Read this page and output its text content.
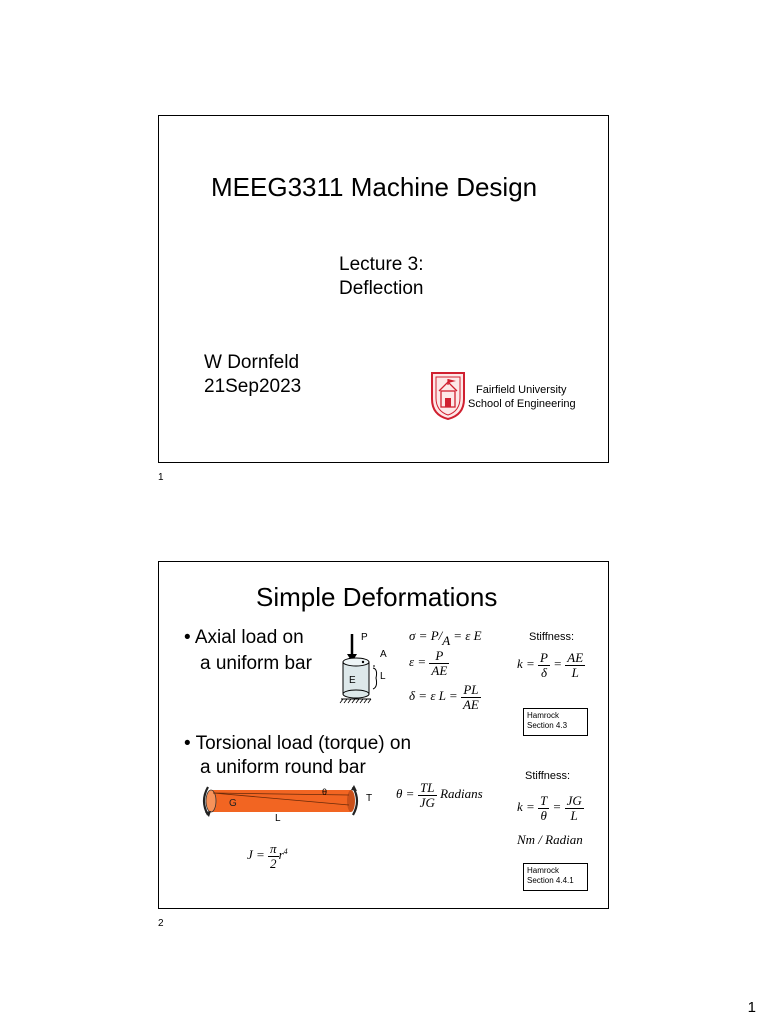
MEEG3311 Machine Design
Lecture 3:
Deflection
W Dornfeld
21Sep2023	Fairfield University
School of Engineering
1
Simple Deformations
• Axial load on
a uniform bar
P
A
L
E
σ = P/A = ε E
$\varepsilon = \frac{P}{AE}$
δ = ε $L = \frac{PL}{AE}$
Stiffness:
$k = \frac{P}{\delta} = \frac{AE}{L}$
Hamrock
Section 4.3
• Torsional load (torque) on
a uniform round bar
G
θ
T
L
$\theta = \frac{TL}{JG}$ Radians
Stiffness:
$k = \frac{T}{\theta} = \frac{JG}{L}$
Nm / Radian
$J = \frac{\pi}{2} r^4$
Hamrock
Section 4.4.1
2
1
